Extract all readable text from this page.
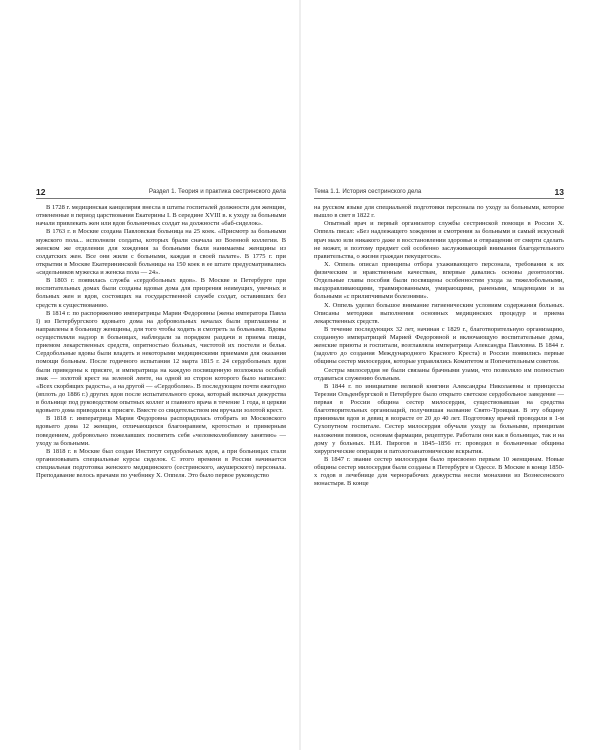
12	Раздел 1. Теория и практика сестринского дела

В 1728 г. медицинская канцелярия внесла в штаты госпиталей должности для женщин, отмененные в период царствования Екатерины I. В середине XVIII в. к уходу за больными начали привлекать жен или вдов больничных солдат на должности «баб-сиделок».

В 1763 г. в Москве создана Павловская больница на 25 коек. «Присмотр за больными мужского пола... исполняли солдаты, которых брали сначала из Военной коллегии. В женском же отделении для хождения за больными были нанимаемы женщины из солдатских жен. Все они жили с больными, каждая в своей палате». В 1775 г. при открытии в Москве Екатерининской больницы на 150 коек в ее штате предусматривались «сидельников мужеска и женска пола — 24».

В 1803 г. появилась служба «сердобольных вдов». В Москве и Петербурге при воспитательных домах были созданы вдовьи дома для призрения неимущих, увечных и больных жен и вдов, состоящих на государственной службе солдат, оставивших без средств к существованию.

В 1814 г. по распоряжению императрицы Марии Федоровны (жены императора Павла I) из Петербургского вдовьего дома на добровольных началах были приглашены и направлены в больницу женщины, для того чтобы ходить и смотреть за больными. Вдовы осуществляли надзор в больницах, наблюдали за порядком раздачи и приема пищи, приемом лекарственных средств, опрятностью больных, чистотой их постели и белья. Сердобольные вдовы были владеть и некоторыми медицинскими приемами для оказания помощи больным. После годичного испытания 12 марта 1815 г. 24 сердобольных вдов были приведены к присяге, и императрица на каждую посвященную возложила особый знак — золотой крест на зеленой ленте, на одной из сторон которого было написано: «Всех скорбящих радость», а на другой — «Сердоболие». В последующем почти ежегодно (вплоть до 1886 г.) других вдов после испытательного срока, который включал дежурства в больнице под руководством опытных коллег и главного врача в течение 1 года, в церкви вдовьего дома приводили к присяге. Вместе со свидетельством им вручали золотой крест.

В 1818 г. императрица Мария Федоровна распорядилась отобрать из Московского вдовьего дома 12 женщин, отличающихся благонравием, кротостью и примерным поведением, добровольно пожелавших посвятить себя «человеколюбивому занятию» — уходу за больными.

В 1818 г. в Москве был создан Институт сердобольных вдов, а при больницах стали организовывать специальные курсы сиделок. С этого времени в России начинается специальная подготовка женского медицинского (сестринского, акушерского) персонала. Преподавание велось врачами по учебнику Х. Оппеля. Это было первое руководство

Тема 1.1. История сестринского дела	13

на русском языке для специальной подготовки персонала по уходу за больными, которое вышло в свет в 1822 г.

Опытный врач и первый организатор службы сестринской помощи в России Х. Оппель писал: «Без надлежащего хождения и смотрения за больными и самый искусный врач мало или никакого даже в восстановлении здоровья и отвращении от смерти сделать не может, и поэтому предмет сей особенно заслуживающий внимания благодетельного правительства, о жизни граждан пекущегося».

Х. Оппель описал принципы отбора ухаживающего персонала, требования к их физическим и нравственным качествам, впервые давались основы деонтологии. Отдельные главы пособия были посвящены особенностям ухода за тяжелобольными, выздоравливающими, травмированными, умирающими, ранеными, младенцами и за больными «с прилипчивыми болезнями».

Х. Оппель уделял большое внимание гигиеническим условиям содержания больных. Описаны методики выполнения основных медицинских процедур и приема лекарственных средств.

В течение последующих 32 лет, начиная с 1829 г., благотворительную организацию, созданную императрицей Марией Федоровной и включающую воспитательные дома, женские приюты и госпитали, возглавляла императрица Александра Павловна. В 1844 г. (задолго до создания Международного Красного Креста) в России появились первые общины сестер милосердия, которые управлялись Комитетом и Попечительным советом.

Сестры милосердия не были связаны брачными узами, что позволяло им полностью отдаваться служению больным.

В 1844 г. по инициативе великой княгини Александры Николаевны и принцессы Терезии Ольденбургской в Петербурге было открыто светское сердобольное заведение — первая в России община сестер милосердия, существовавшая на средства благотворительных организаций, получившая название Свято-Троицкая. В эту общину принимали вдов и девиц в возрасте от 20 до 40 лет. Подготовку врачей проводили в 1-м Сухопутном госпитале. Сестер милосердия обучали уходу за больными, принципам наложения повязок, основам фармации, рецептуре. Работали они как в больницах, так и на дому у больных. Н.И. Пирогов в 1845–1856 гг. проводил в больничные общины хирургические операции и патологоанатомические вскрытия.

В 1847 г. звание сестер милосердия было присвоено первым 10 женщинам. Новые общины сестер милосердия были созданы в Петербурге и Одессе. В Москве в конце 1850-х годов в лечебнице для чернорабочих дежурства несли монахини из Вознесенского монастыря. В конце
